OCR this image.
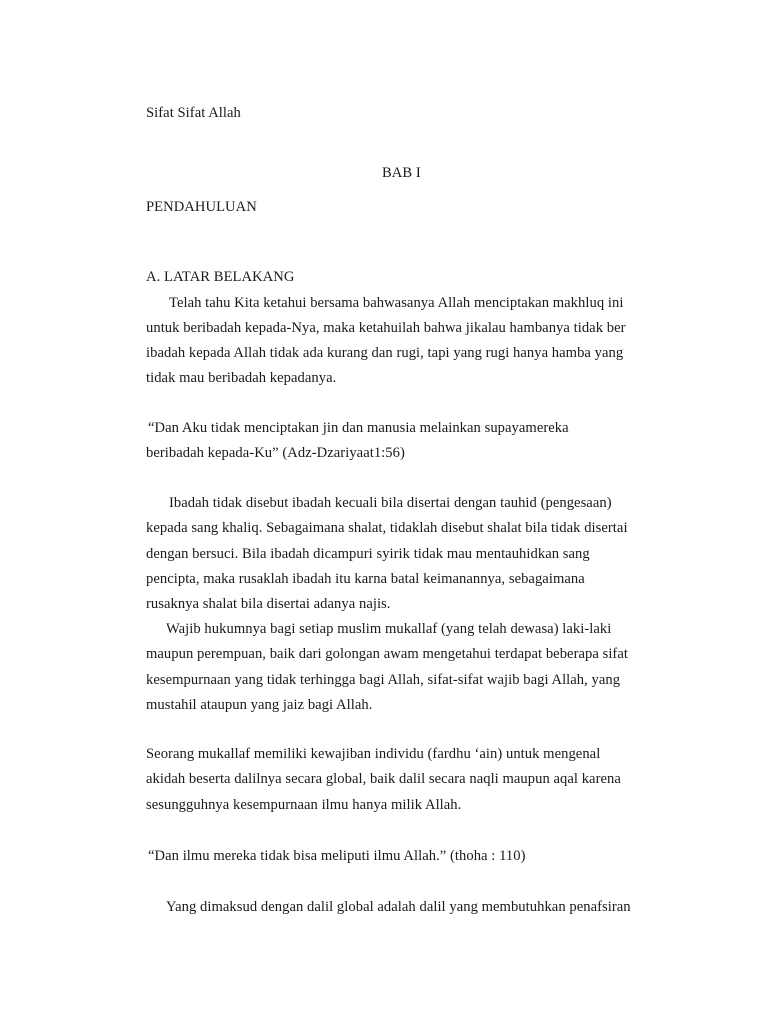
Sifat Sifat Allah
BAB I
PENDAHULUAN
A. LATAR BELAKANG
Telah tahu Kita ketahui bersama bahwasanya Allah menciptakan makhluq ini
untuk beribadah kepada-Nya, maka ketahuilah bahwa jikalau hambanya tidak ber
ibadah kepada Allah tidak ada kurang dan rugi, tapi yang rugi hanya hamba yang
tidak mau beribadah kepadanya.
“Dan Aku tidak menciptakan jin dan manusia melainkan supayamereka
beribadah kepada-Ku” (Adz-Dzariyaat1:56)
Ibadah tidak disebut ibadah kecuali bila disertai dengan tauhid (pengesaan)
kepada sang khaliq. Sebagaimana shalat, tidaklah disebut shalat bila tidak disertai
dengan bersuci. Bila ibadah dicampuri syirik tidak mau mentauhidkan sang
pencipta, maka rusaklah ibadah itu karna batal keimanannya, sebagaimana
rusaknya shalat bila disertai adanya najis.
Wajib hukumnya bagi setiap muslim mukallaf (yang telah dewasa) laki-laki
maupun perempuan, baik dari golongan awam mengetahui terdapat beberapa sifat
kesempurnaan yang tidak terhingga bagi Allah, sifat-sifat wajib bagi Allah, yang
mustahil ataupun yang jaiz bagi Allah.
Seorang mukallaf memiliki kewajiban individu (fardhu ‘ain) untuk mengenal
akidah beserta dalilnya secara global, baik dalil secara naqli maupun aqal karena
sesungguhnya kesempurnaan ilmu hanya milik Allah.
“Dan ilmu mereka tidak bisa meliputi ilmu Allah.” (thoha : 110)
Yang dimaksud dengan dalil global adalah dalil yang membutuhkan penafsiran
